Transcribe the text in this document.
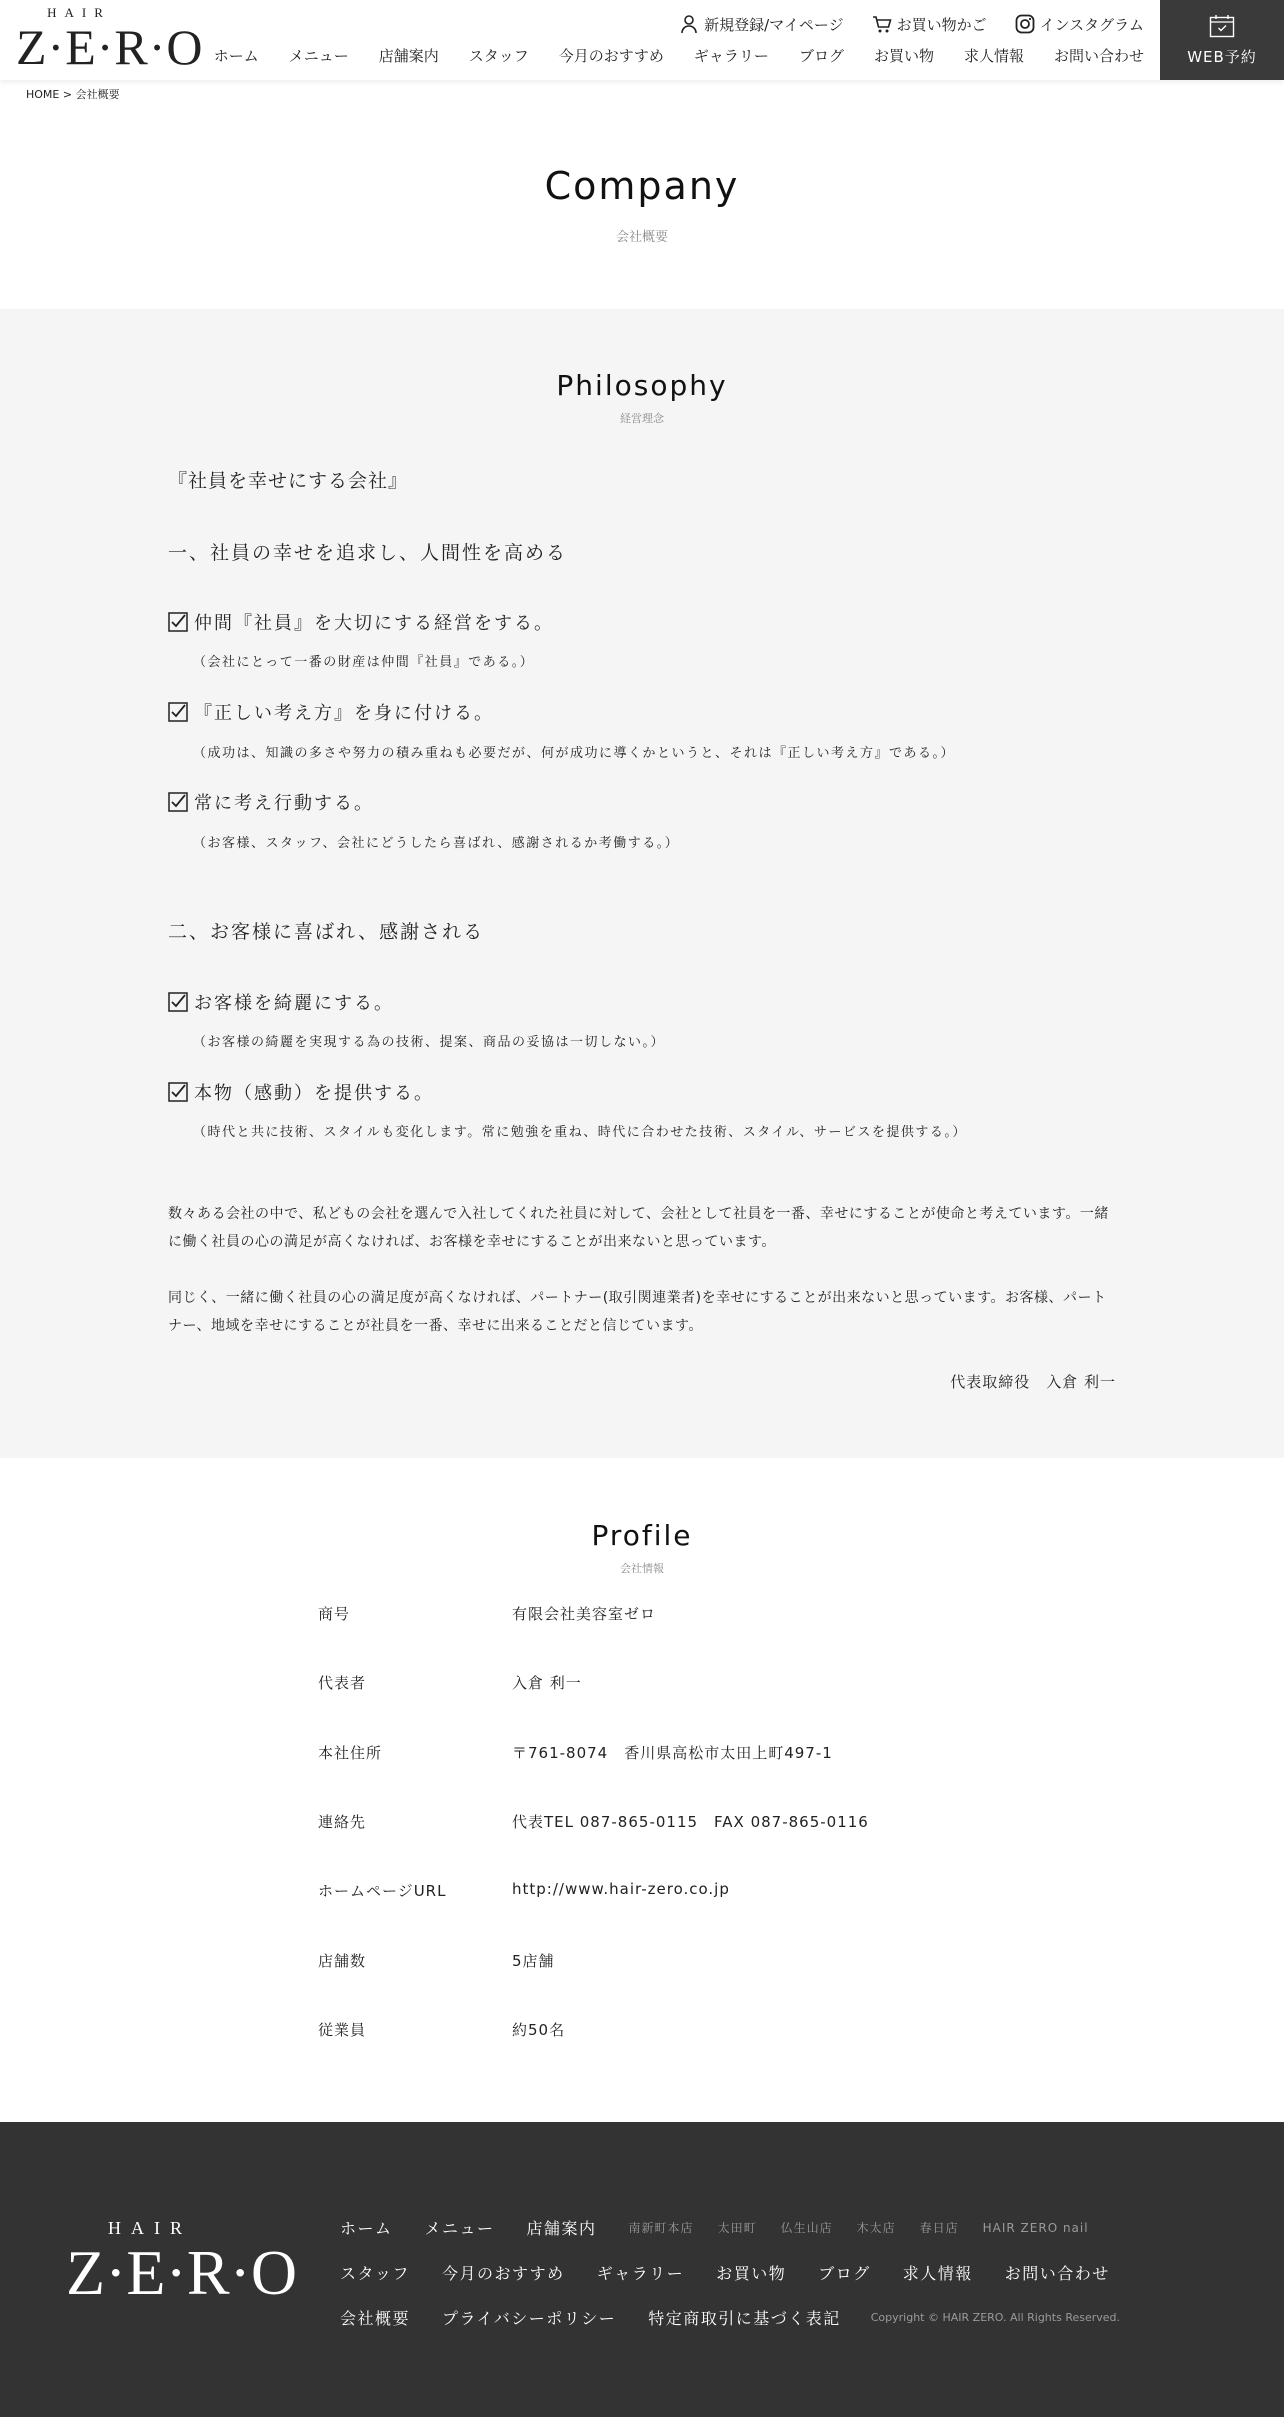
HAIR
Z·E·R·O	新規登録/マイページ	お買い物かご	インスタグラム
ホーム メニュー 店舗案内 スタッフ 今月のおすすめ ギャラリー ブログ お買い物 求人情報 お問い合わせ	WEB予約
HOME > 会社概要
Company
会社概要
Philosophy
経営理念
『社員を幸せにする会社』
一、社員の幸せを追求し、人間性を高める
仲間『社員』を大切にする経営をする。
（会社にとって一番の財産は仲間『社員』である。）
『正しい考え方』を身に付ける。
（成功は、知識の多さや努力の積み重ねも必要だが、何が成功に導くかというと、それは『正しい考え方』である。）
常に考え行動する。
（お客様、スタッフ、会社にどうしたら喜ばれ、感謝されるか考働する。）
二、お客様に喜ばれ、感謝される
お客様を綺麗にする。
（お客様の綺麗を実現する為の技術、提案、商品の妥協は一切しない。）
本物（感動）を提供する。
（時代と共に技術、スタイルも変化します。常に勉強を重ね、時代に合わせた技術、スタイル、サービスを提供する。）
数々ある会社の中で、私どもの会社を選んで入社してくれた社員に対して、会社として社員を一番、幸せにすることが使命と考えています。一緒に働く社員の心の満足が高くなければ、お客様を幸せにすることが出来ないと思っています。
同じく、一緒に働く社員の心の満足度が高くなければ、パートナー(取引関連業者)を幸せにすることが出来ないと思っています。お客様、パートナー、地域を幸せにすることが社員を一番、幸せに出来ることだと信じています。
代表取締役　入倉 利一
Profile
会社情報
商号	有限会社美容室ゼロ
代表者	入倉 利一
本社住所	〒761-8074　香川県高松市太田上町497-1
連絡先	代表TEL 087-865-0115　FAX 087-865-0116
ホームページURL	http://www.hair-zero.co.jp
店舗数	5店舗
従業員	約50名
HAIR
Z·E·R·O
ホーム メニュー 店舗案内	南新町本店 太田町 仏生山店 木太店 春日店 HAIR ZERO nail
スタッフ 今月のおすすめ ギャラリー お買い物 ブログ 求人情報 お問い合わせ
会社概要 プライバシーポリシー 特定商取引に基づく表記	Copyright © HAIR ZERO. All Rights Reserved.
